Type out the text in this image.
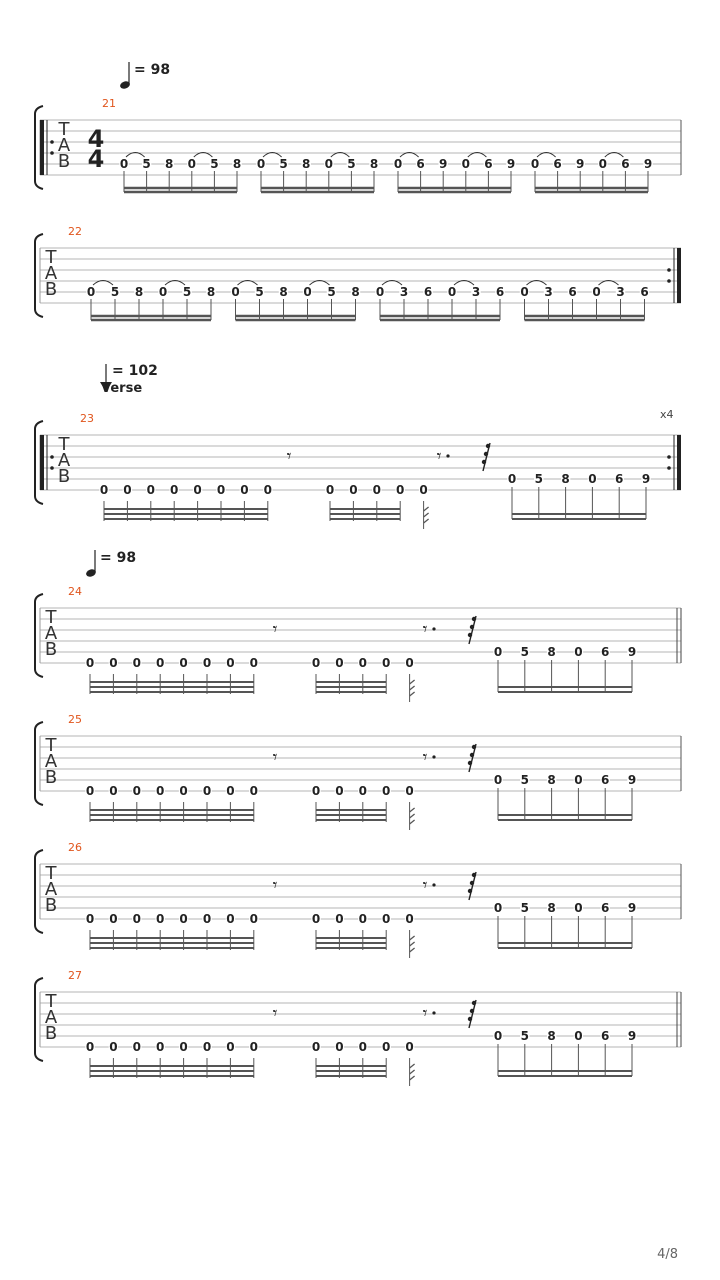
= 98
= 102
Verse
= 98
21
22
23
24
25
26
27
x4
T
A
B
4
4
T
A
B
T
A
B
T
A
B
T
A
B
T
A
B
T
A
B
0 5 8 0 5 8 0 5 8 0 5 8 0 6 9 0 6 9 0 6 9 0 6 9
0 5 8 0 5 8 0 5 8 0 5 8 0 3 6 0 3 6 0 3 6 0 3 6
0 0 0 0 0 0 0 0
𝄾
0 0 0 0 0
𝄾
0 5 8 0 6 9
0 0 0 0 0 0 0 0
𝄾
0 0 0 0 0
𝄾
0 5 8 0 6 9
0 0 0 0 0 0 0 0
𝄾
0 0 0 0 0
𝄾
0 5 8 0 6 9
0 0 0 0 0 0 0 0
𝄾
0 0 0 0 0
𝄾
0 5 8 0 6 9
0 0 0 0 0 0 0 0
𝄾
0 0 0 0 0
𝄾
0 5 8 0 6 9
4/8
